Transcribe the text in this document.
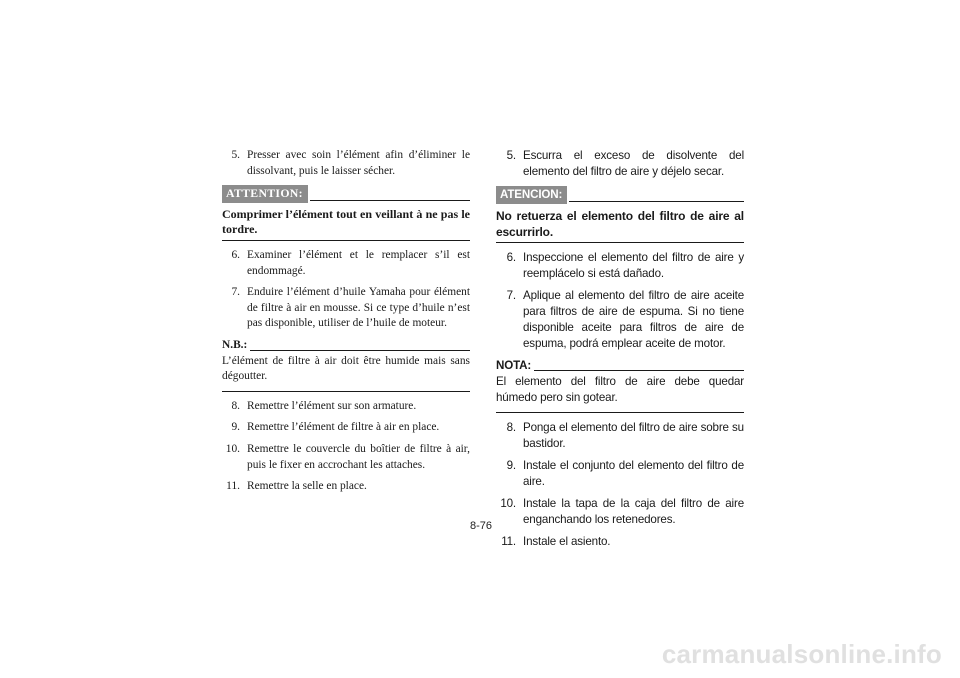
5. Presser avec soin l’élément afin d’éliminer le dissolvant, puis le laisser sécher.
ATTENTION:
Comprimer l’élément tout en veillant à ne pas le tordre.
6. Examiner l’élément et le remplacer s’il est endommagé.
7. Enduire l’élément d’huile Yamaha pour élément de filtre à air en mousse. Si ce type d’huile n’est pas disponible, utiliser de l’huile de moteur.
N.B.:
L’élément de filtre à air doit être humide mais sans dégoutter.
8. Remettre l’élément sur son armature.
9. Remettre l’élément de filtre à air en place.
10. Remettre le couvercle du boîtier de filtre à air, puis le fixer en accrochant les attaches.
11. Remettre la selle en place.
5. Escurra el exceso de disolvente del elemento del filtro de aire y déjelo secar.
ATENCION:
No retuerza el elemento del filtro de aire al escurrirlo.
6. Inspeccione el elemento del filtro de aire y reemplácelo si está dañado.
7. Aplique al elemento del filtro de aire aceite para filtros de aire de espuma. Si no tiene disponible aceite para filtros de aire de espuma, podrá emplear aceite de motor.
NOTA:
El elemento del filtro de aire debe quedar húmedo pero sin gotear.
8. Ponga el elemento del filtro de aire sobre su bastidor.
9. Instale el conjunto del elemento del filtro de aire.
10. Instale la tapa de la caja del filtro de aire enganchando los retenedores.
11. Instale el asiento.
8-76
carmanualsonline.info
